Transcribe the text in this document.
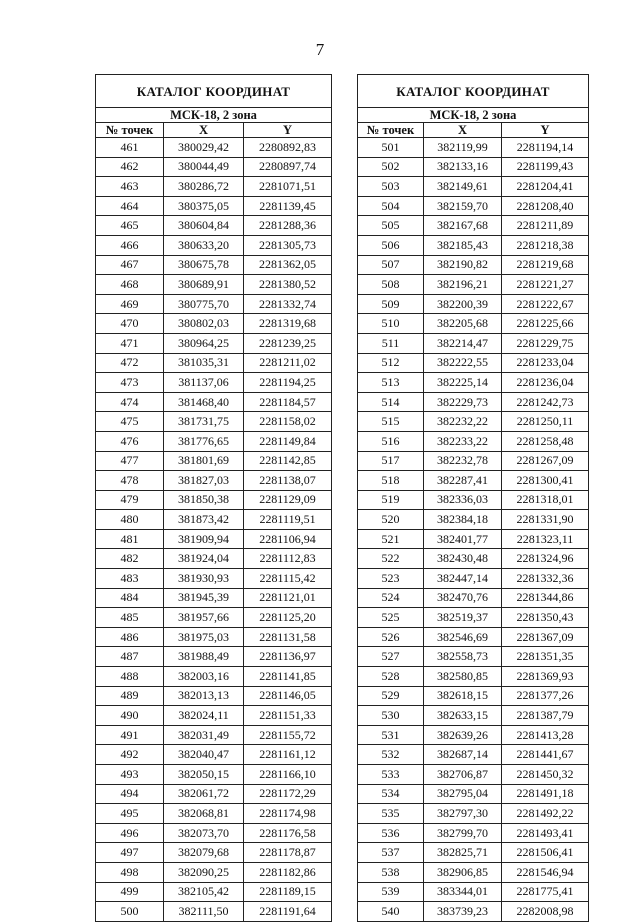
7
КАТАЛОГ КООРДИНАТ		
МСК-18, 2 зона		
№ точек	X	Y
461	380029,42	2280892,83
462	380044,49	2280897,74
463	380286,72	2281071,51
464	380375,05	2281139,45
465	380604,84	2281288,36
466	380633,20	2281305,73
467	380675,78	2281362,05
468	380689,91	2281380,52
469	380775,70	2281332,74
470	380802,03	2281319,68
471	380964,25	2281239,25
472	381035,31	2281211,02
473	381137,06	2281194,25
474	381468,40	2281184,57
475	381731,75	2281158,02
476	381776,65	2281149,84
477	381801,69	2281142,85
478	381827,03	2281138,07
479	381850,38	2281129,09
480	381873,42	2281119,51
481	381909,94	2281106,94
482	381924,04	2281112,83
483	381930,93	2281115,42
484	381945,39	2281121,01
485	381957,66	2281125,20
486	381975,03	2281131,58
487	381988,49	2281136,97
488	382003,16	2281141,85
489	382013,13	2281146,05
490	382024,11	2281151,33
491	382031,49	2281155,72
492	382040,47	2281161,12
493	382050,15	2281166,10
494	382061,72	2281172,29
495	382068,81	2281174,98
496	382073,70	2281176,58
497	382079,68	2281178,87
498	382090,25	2281182,86
499	382105,42	2281189,15
500	382111,50	2281191,64
КАТАЛОГ КООРДИНАТ		
МСК-18, 2 зона		
№ точек	X	Y
501	382119,99	2281194,14
502	382133,16	2281199,43
503	382149,61	2281204,41
504	382159,70	2281208,40
505	382167,68	2281211,89
506	382185,43	2281218,38
507	382190,82	2281219,68
508	382196,21	2281221,27
509	382200,39	2281222,67
510	382205,68	2281225,66
511	382214,47	2281229,75
512	382222,55	2281233,04
513	382225,14	2281236,04
514	382229,73	2281242,73
515	382232,22	2281250,11
516	382233,22	2281258,48
517	382232,78	2281267,09
518	382287,41	2281300,41
519	382336,03	2281318,01
520	382384,18	2281331,90
521	382401,77	2281323,11
522	382430,48	2281324,96
523	382447,14	2281332,36
524	382470,76	2281344,86
525	382519,37	2281350,43
526	382546,69	2281367,09
527	382558,73	2281351,35
528	382580,85	2281369,93
529	382618,15	2281377,26
530	382633,15	2281387,79
531	382639,26	2281413,28
532	382687,14	2281441,67
533	382706,87	2281450,32
534	382795,04	2281491,18
535	382797,30	2281492,22
536	382799,70	2281493,41
537	382825,71	2281506,41
538	382906,85	2281546,94
539	383344,01	2281775,41
540	383739,23	2282008,98
